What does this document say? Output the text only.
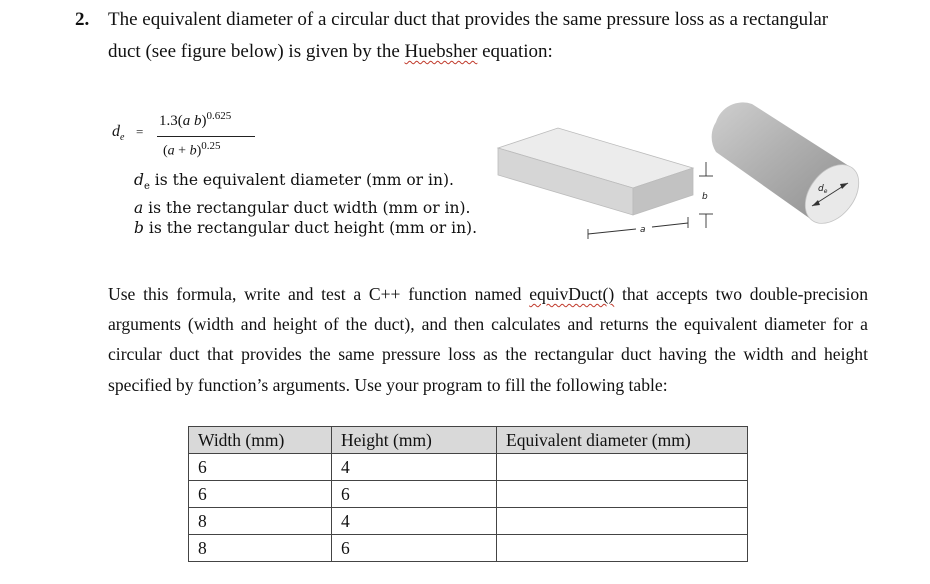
2. The equivalent diameter of a circular duct that provides the same pressure loss as a rectangular
duct (see figure below) is given by the Huebsher equation:
$d_e$ =
1.3(a b)$^{0.625}$
$(a + b)^{0.25}$
$d_e$ is the equivalent diameter (mm or in).
a is the rectangular duct width (mm or in).
b is the rectangular duct height (mm or in).
b
a
$d_e$
Use this formula, write and test a C++ function named equivDuct() that accepts two double-precision arguments (width and height of the duct), and then calculates and returns the equivalent diameter for a circular duct that provides the same pressure loss as the rectangular duct having the width and height specified by function’s arguments. Use your program to fill the following table:
Width (mm)	Height (mm)	Equivalent diameter (mm)
6	4	
6	6	
8	4	
8	6	
